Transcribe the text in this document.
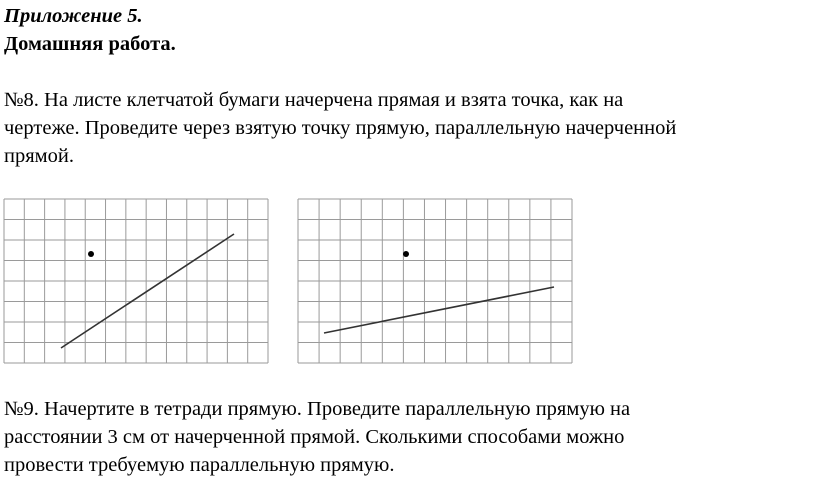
Приложение 5.
Домашняя работа.
№8. На листе клетчатой бумаги начерчена прямая и взята точка, как на
чертеже. Проведите через взятую точку прямую, параллельную начерченной
прямой.
№9. Начертите в тетради прямую. Проведите параллельную прямую на
расстоянии 3 см от начерченной прямой. Сколькими способами можно
провести требуемую параллельную прямую.
